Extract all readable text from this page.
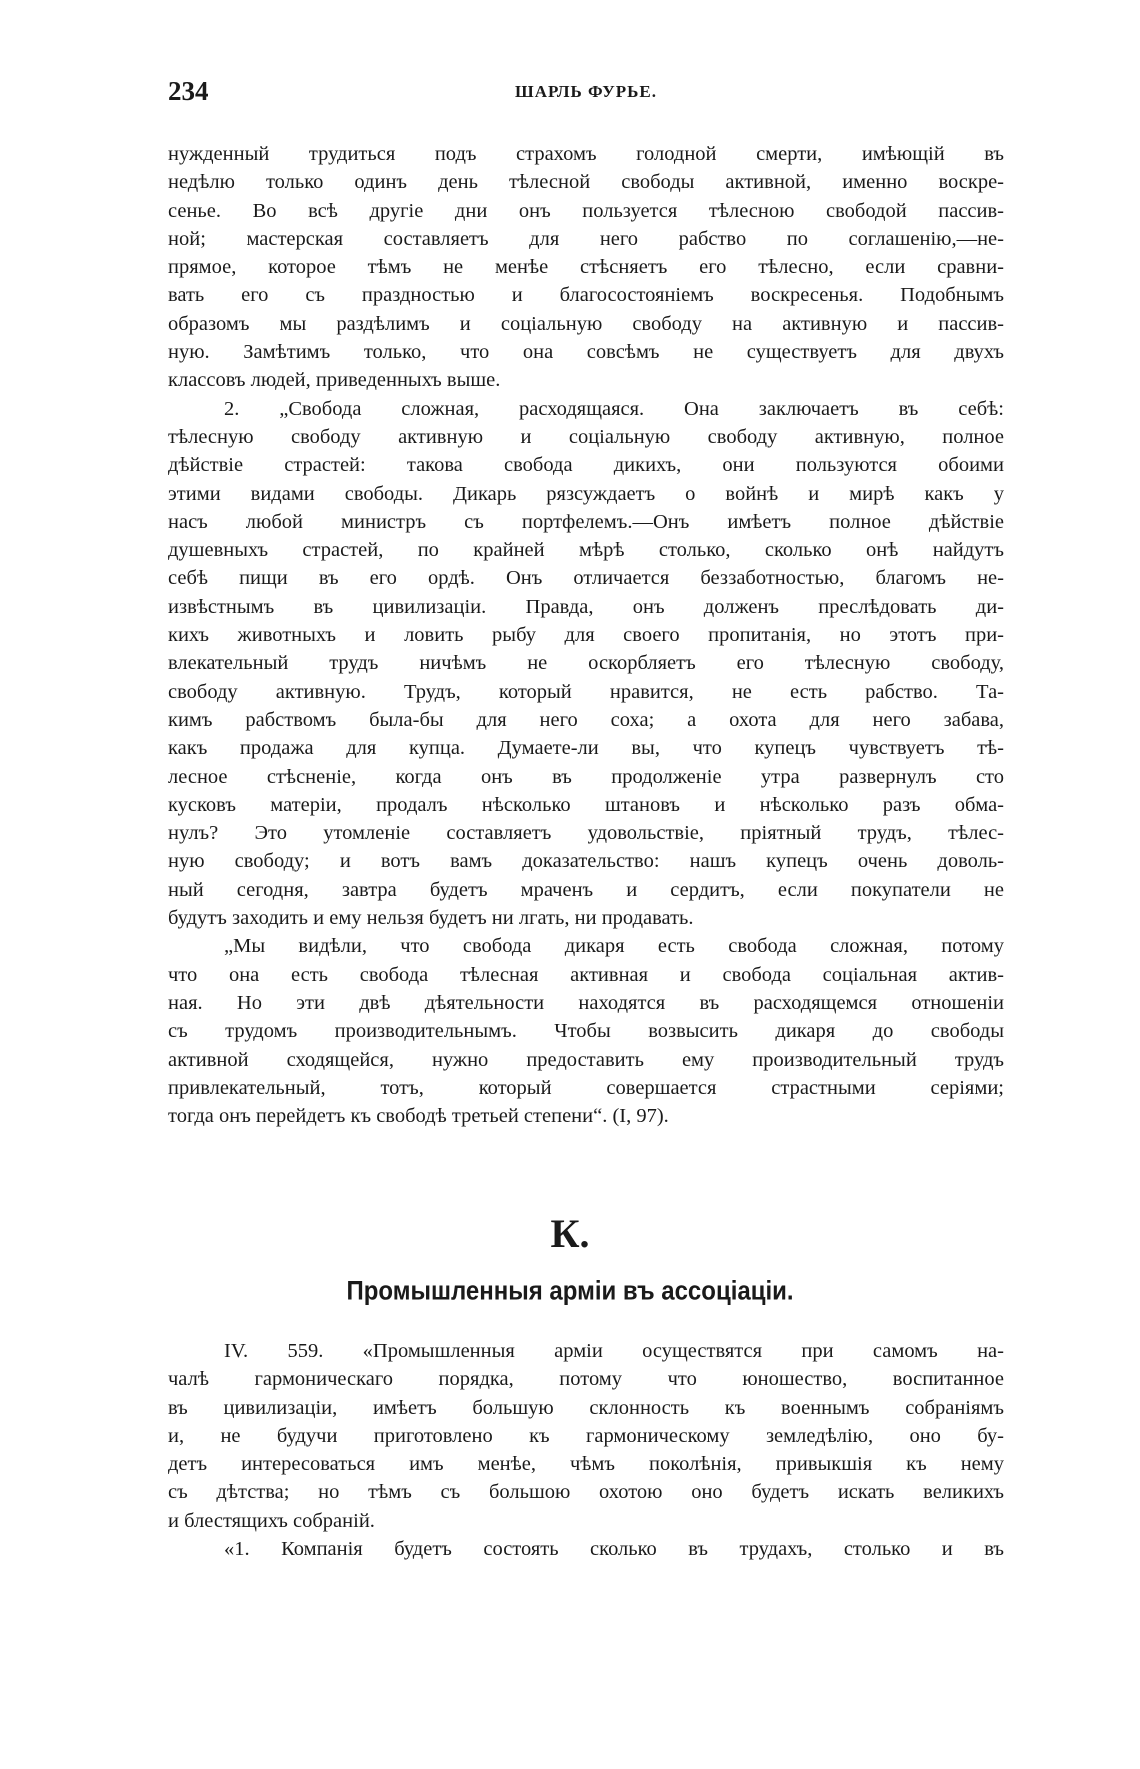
234	ШАРЛЬ ФУРЬЕ.
нужденный трудиться подъ страхомъ голодной смерти, имѣющій въ
недѣлю только одинъ день тѣлесной свободы активной, именно воскре-
сенье. Во всѣ другіе дни онъ пользуется тѣлесною свободой пассив-
ной; мастерская составляетъ для него рабство по соглашенію,—не-
прямое, которое тѣмъ не менѣе стѣсняетъ его тѣлесно, если сравни-
вать его съ праздностью и благосостояніемъ воскресенья. Подобнымъ
образомъ мы раздѣлимъ и соціальную свободу на активную и пассив-
ную. Замѣтимъ только, что она совсѣмъ не существуетъ для двухъ
классовъ людей, приведенныхъ выше.
2. „Свобода сложная, расходящаяся. Она заключаетъ въ себѣ:
тѣлесную свободу активную и соціальную свободу активную, полное
дѣйствіе страстей: такова свобода дикихъ, они пользуются обоими
этими видами свободы. Дикарь рязсуждаетъ о войнѣ и мирѣ какъ у
насъ любой министръ съ портфелемъ.—Онъ имѣетъ полное дѣйствіе
душевныхъ страстей, по крайней мѣрѣ столько, сколько онѣ найдутъ
себѣ пищи въ его ордѣ. Онъ отличается беззаботностью, благомъ не-
извѣстнымъ въ цивилизаціи. Правда, онъ долженъ преслѣдовать ди-
кихъ животныхъ и ловить рыбу для своего пропитанія, но этотъ при-
влекательный трудъ ничѣмъ не оскорбляетъ его тѣлесную свободу,
свободу активную. Трудъ, который нравится, не есть рабство. Та-
кимъ рабствомъ была-бы для него соха; а охота для него забава,
какъ продажа для купца. Думаете-ли вы, что купецъ чувствуетъ тѣ-
лесное стѣсненіе, когда онъ въ продолженіе утра развернулъ сто
кусковъ матеріи, продалъ нѣсколько штановъ и нѣсколько разъ обма-
нулъ? Это утомленіе составляетъ удовольствіе, пріятный трудъ, тѣлес-
ную свободу; и вотъ вамъ доказательство: нашъ купецъ очень доволь-
ный сегодня, завтра будетъ мраченъ и сердитъ, если покупатели не
будутъ заходить и ему нельзя будетъ ни лгать, ни продавать.
„Мы видѣли, что свобода дикаря есть свобода сложная, потому
что она есть свобода тѣлесная активная и свобода соціальная актив-
ная. Но эти двѣ дѣятельности находятся въ расходящемся отношеніи
съ трудомъ производительнымъ. Чтобы возвысить дикаря до свободы
активной сходящейся, нужно предоставить ему производительный трудъ
привлекательный, тотъ, который совершается страстными серіями;
тогда онъ перейдетъ къ свободѣ третьей степени“. (I, 97).
К.
Промышленныя арміи въ ассоціаціи.
IV. 559. «Промышленныя арміи осуществятся при самомъ на-
чалѣ гармоническаго порядка, потому что юношество, воспитанное
въ цивилизаціи, имѣетъ большую склонность къ военнымъ собраніямъ
и, не будучи приготовлено къ гармоническому земледѣлію, оно бу-
детъ интересоваться имъ менѣе, чѣмъ поколѣнія, привыкшія къ нему
съ дѣтства; но тѣмъ съ большою охотою оно будетъ искать великихъ
и блестящихъ собраній.
«1. Компанія будетъ состоять сколько въ трудахъ, столько и въ
